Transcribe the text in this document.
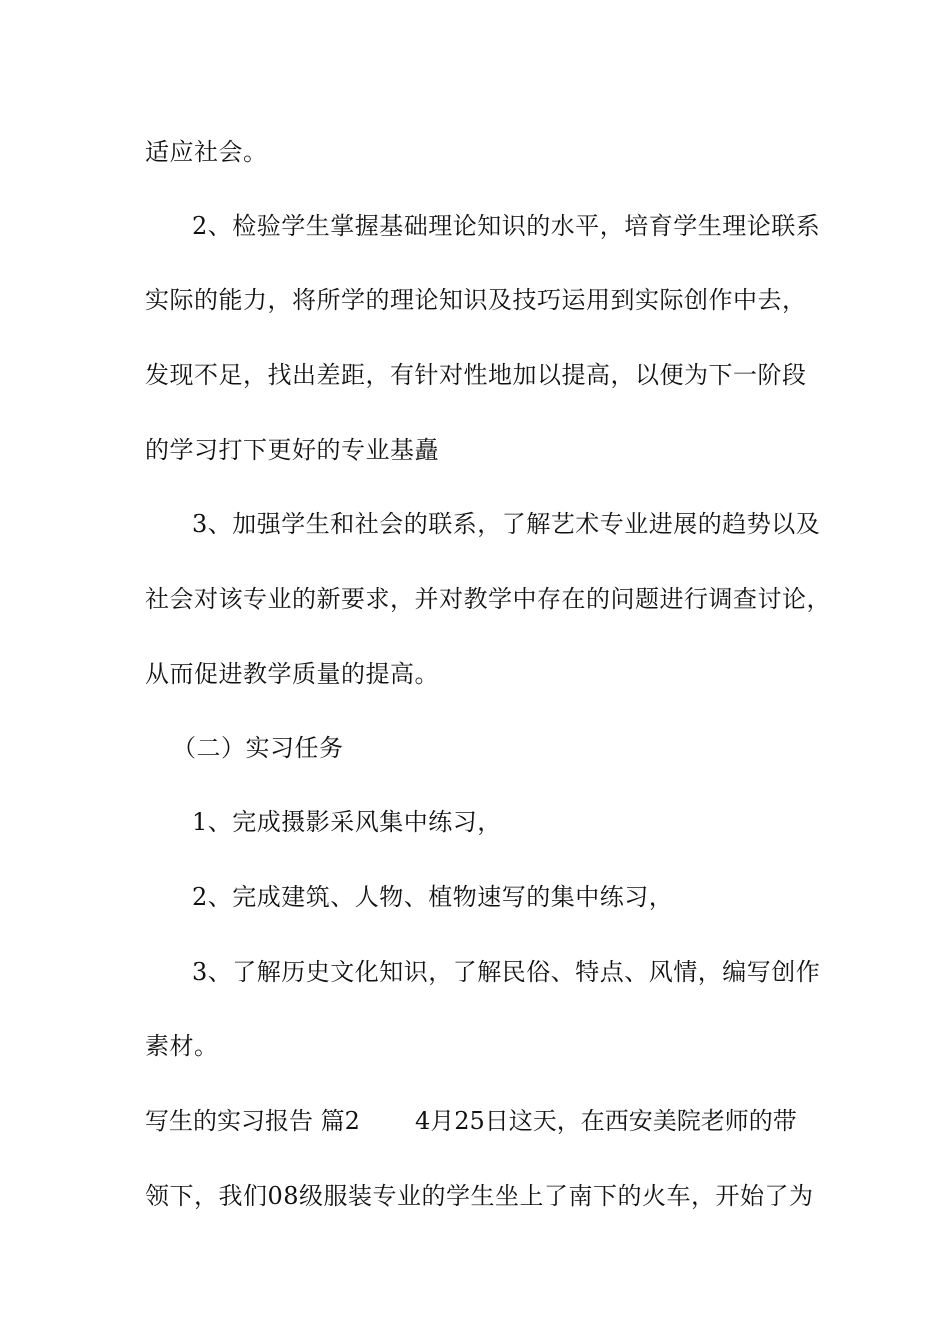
适应社会。
2、检验学生掌握基础理论知识的水平，培育学生理论联系
实际的能力，将所学的理论知识及技巧运用到实际创作中去，
发现不足，找出差距，有针对性地加以提高，以便为下一阶段
的学习打下更好的专业基矗
3、加强学生和社会的联系，了解艺术专业进展的趋势以及
社会对该专业的新要求，并对教学中存在的问题进行调查讨论，
从而促进教学质量的提高。
（二）实习任务
1、完成摄影采风集中练习，
2、完成建筑、人物、植物速写的集中练习，
3、了解历史文化知识，了解民俗、特点、风情，编写创作
素材。
写生的实习报告 篇2 4月25日这天，在西安美院老师的带
领下，我们08级服装专业的学生坐上了南下的火车，开始了为
